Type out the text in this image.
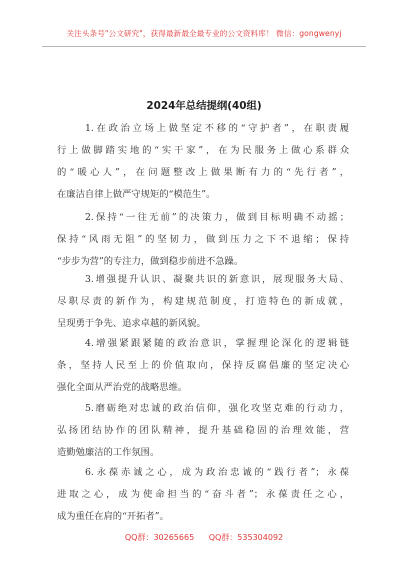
关注头条号"公文研究"，获得最新最全最专业的公文资料库！ 微信：gongwenyj
2024年总结提纲(40组)
1.在政治立场上做坚定不移的“守护者”，在职责履
行上做脚踏实地的“实干家”，在为民服务上做心系群众
的“暖心人”，在问题整改上做果断有力的“先行者”，
在廉洁自律上做严守规矩的“模范生”。
2.保持“一往无前”的决策力，做到目标明确不动摇；
保持“风雨无阻”的坚韧力，做到压力之下不退缩；保持
“步步为营”的专注力，做到稳步前进不急躁。
3.增强提升认识、凝聚共识的新意识，展现服务大局、
尽职尽责的新作为，构建规范制度，打造特色的新成就，
呈现勇于争先、追求卓越的新风貌。
4.增强紧跟紧随的政治意识，掌握理论深化的逻辑链
条，坚持人民至上的价值取向，保持反腐倡廉的坚定决心
强化全面从严治党的战略思维。
5.磨砺绝对忠诚的政治信仰，强化攻坚克难的行动力，
弘扬团结协作的团队精神，提升基础稳固的治理效能，营
造勤勉廉洁的工作氛围。
6.永葆赤诚之心，成为政治忠诚的“践行者”；永葆
进取之心，成为使命担当的“奋斗者”；永葆责任之心，
成为重任在肩的“开拓者”。
QQ群：30265665 QQ群：535304092
